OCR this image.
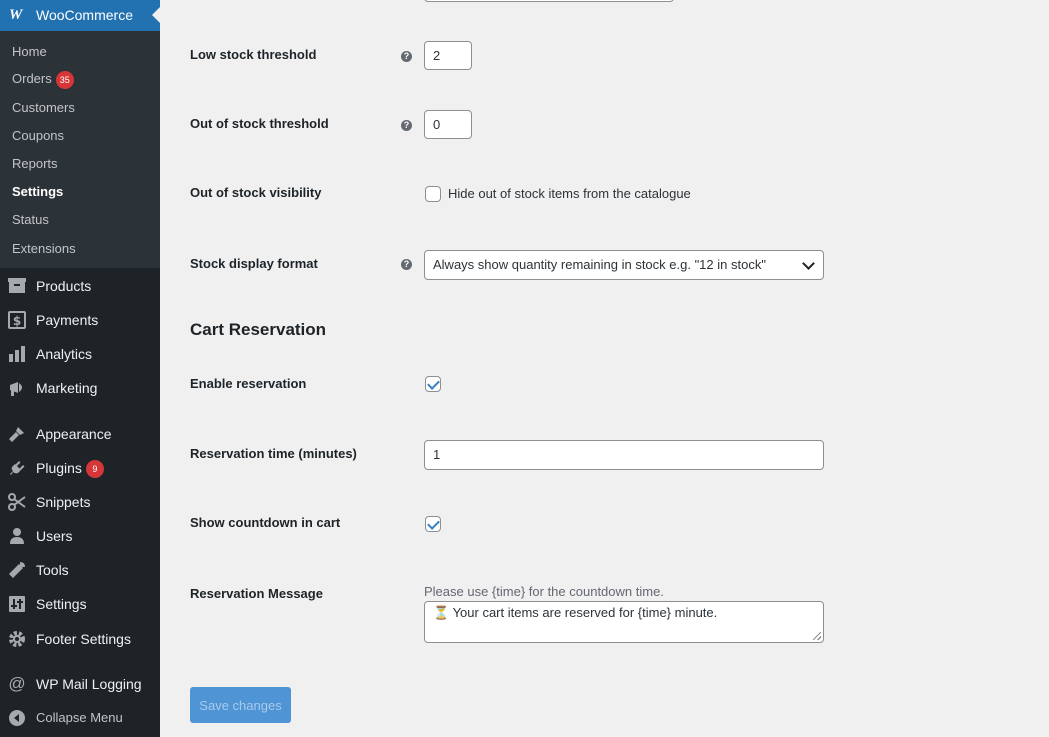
W WooCommerce
Home
Orders 35
Customers
Coupons
Reports
Settings
Status
Extensions
Products
$ Payments
Analytics
Marketing
Appearance
Plugins 9
Snippets
Users
Tools
Settings
Footer Settings
@ WP Mail Logging
Collapse Menu
Low stock threshold	?	2
Out of stock threshold	?	0
Out of stock visibility	Hide out of stock items from the catalogue
Stock display format	?	Always show quantity remaining in stock e.g. "12 in stock"
Cart Reservation
Enable reservation
Reservation time (minutes)	1
Show countdown in cart
Reservation Message	Please use {time} for the countdown time.
⏳ Your cart items are reserved for {time} minute.
Save changes
